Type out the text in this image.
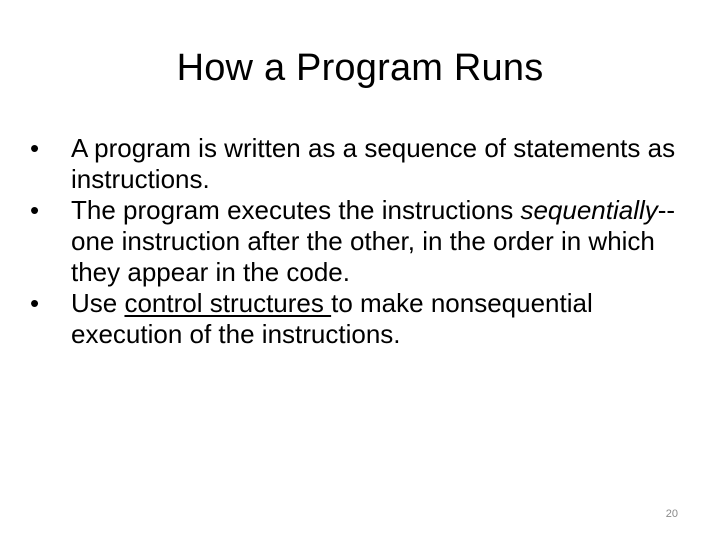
How a Program Runs
•	A program is written as a sequence of statements as instructions.
•	The program executes the instructions sequentially--one instruction after the other, in the order in which they appear in the code.
•	Use control structures to make nonsequential execution of the instructions.
20
